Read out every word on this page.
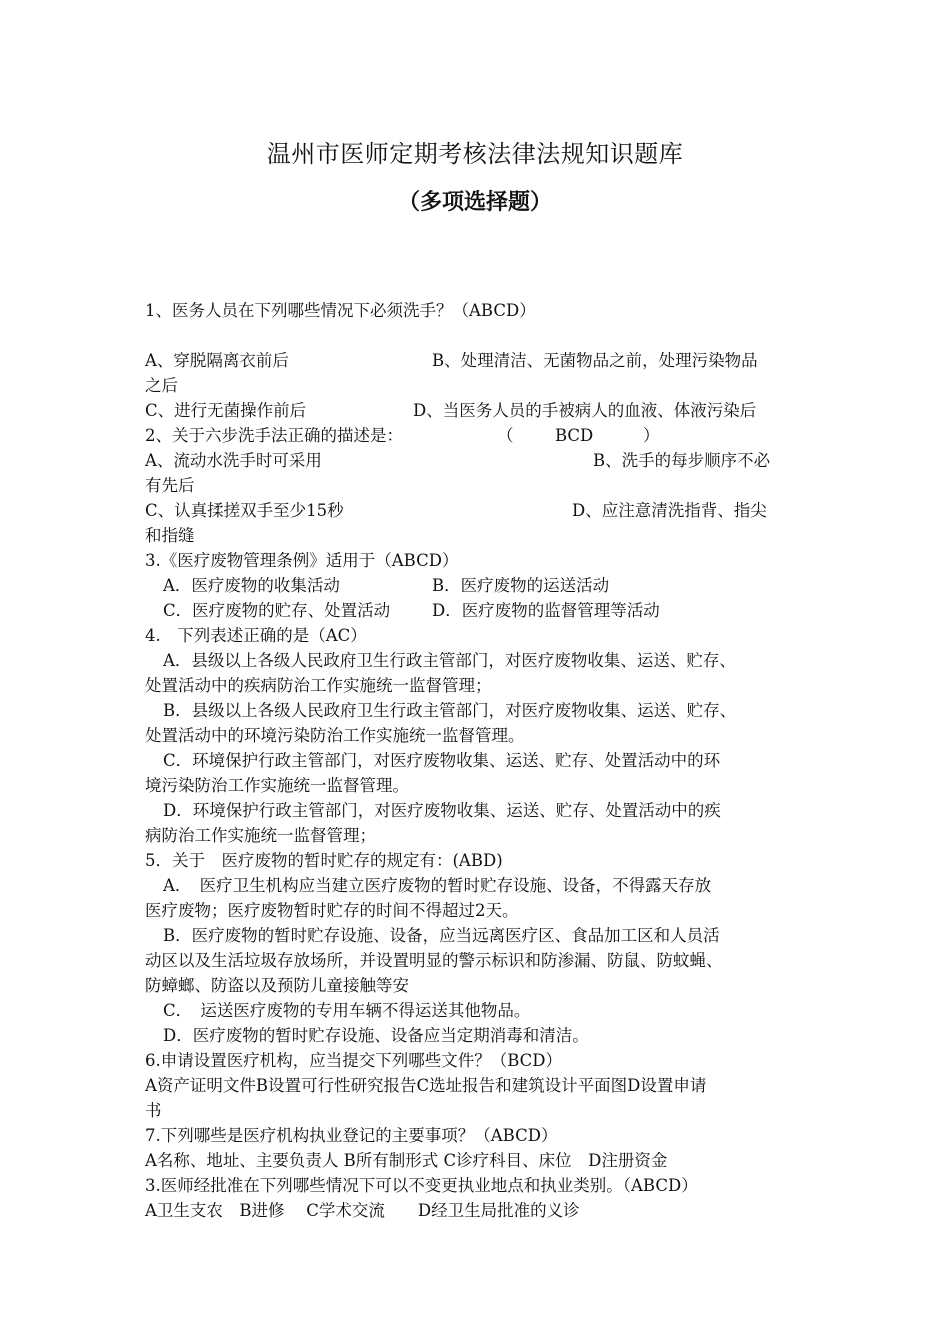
温州市医师定期考核法律法规知识题库
（多项选择题）
1、医务人员在下列哪些情况下必须洗手？（ABCD）
A、穿脱隔离衣前后	B、处理清洁、无菌物品之前，处理污染物品
之后
C、进行无菌操作前后	D、当医务人员的手被病人的血液、体液污染后
2、关于六步洗手法正确的描述是：	（	BCD	）
A、流动水洗手时可采用	B、洗手的每步顺序不必
有先后
C、认真揉搓双手至少15秒	D、应注意清洗指背、指尖
和指缝
3.《医疗废物管理条例》适用于（ABCD）
A．医疗废物的收集活动	B．医疗废物的运送活动
C．医疗废物的贮存、处置活动	D．医疗废物的监督管理等活动
4.　下列表述正确的是（AC）
A．县级以上各级人民政府卫生行政主管部门，对医疗废物收集、运送、贮存、
处置活动中的疾病防治工作实施统一监督管理；
B．县级以上各级人民政府卫生行政主管部门，对医疗废物收集、运送、贮存、
处置活动中的环境污染防治工作实施统一监督管理。
C．环境保护行政主管部门，对医疗废物收集、运送、贮存、处置活动中的环
境污染防治工作实施统一监督管理。
D．环境保护行政主管部门，对医疗废物收集、运送、贮存、处置活动中的疾
病防治工作实施统一监督管理；
5．关于　医疗废物的暂时贮存的规定有：(ABD)
A．　医疗卫生机构应当建立医疗废物的暂时贮存设施、设备，不得露天存放
医疗废物；医疗废物暂时贮存的时间不得超过2天。
B．医疗废物的暂时贮存设施、设备，应当远离医疗区、食品加工区和人员活
动区以及生活垃圾存放场所，并设置明显的警示标识和防渗漏、防鼠、防蚊蝇、
防蟑螂、防盗以及预防儿童接触等安
C．　运送医疗废物的专用车辆不得运送其他物品。
D．医疗废物的暂时贮存设施、设备应当定期消毒和清洁。
6.申请设置医疗机构，应当提交下列哪些文件？（BCD）
A资产证明文件B设置可行性研究报告C选址报告和建筑设计平面图D设置申请
书
7.下列哪些是医疗机构执业登记的主要事项？（ABCD）
A名称、地址、主要负责人 B所有制形式 C诊疗科目、床位　D注册资金
3.医师经批准在下列哪些情况下可以不变更执业地点和执业类别。（ABCD）
A卫生支农　B进修　 C学术交流　　D经卫生局批准的义诊
